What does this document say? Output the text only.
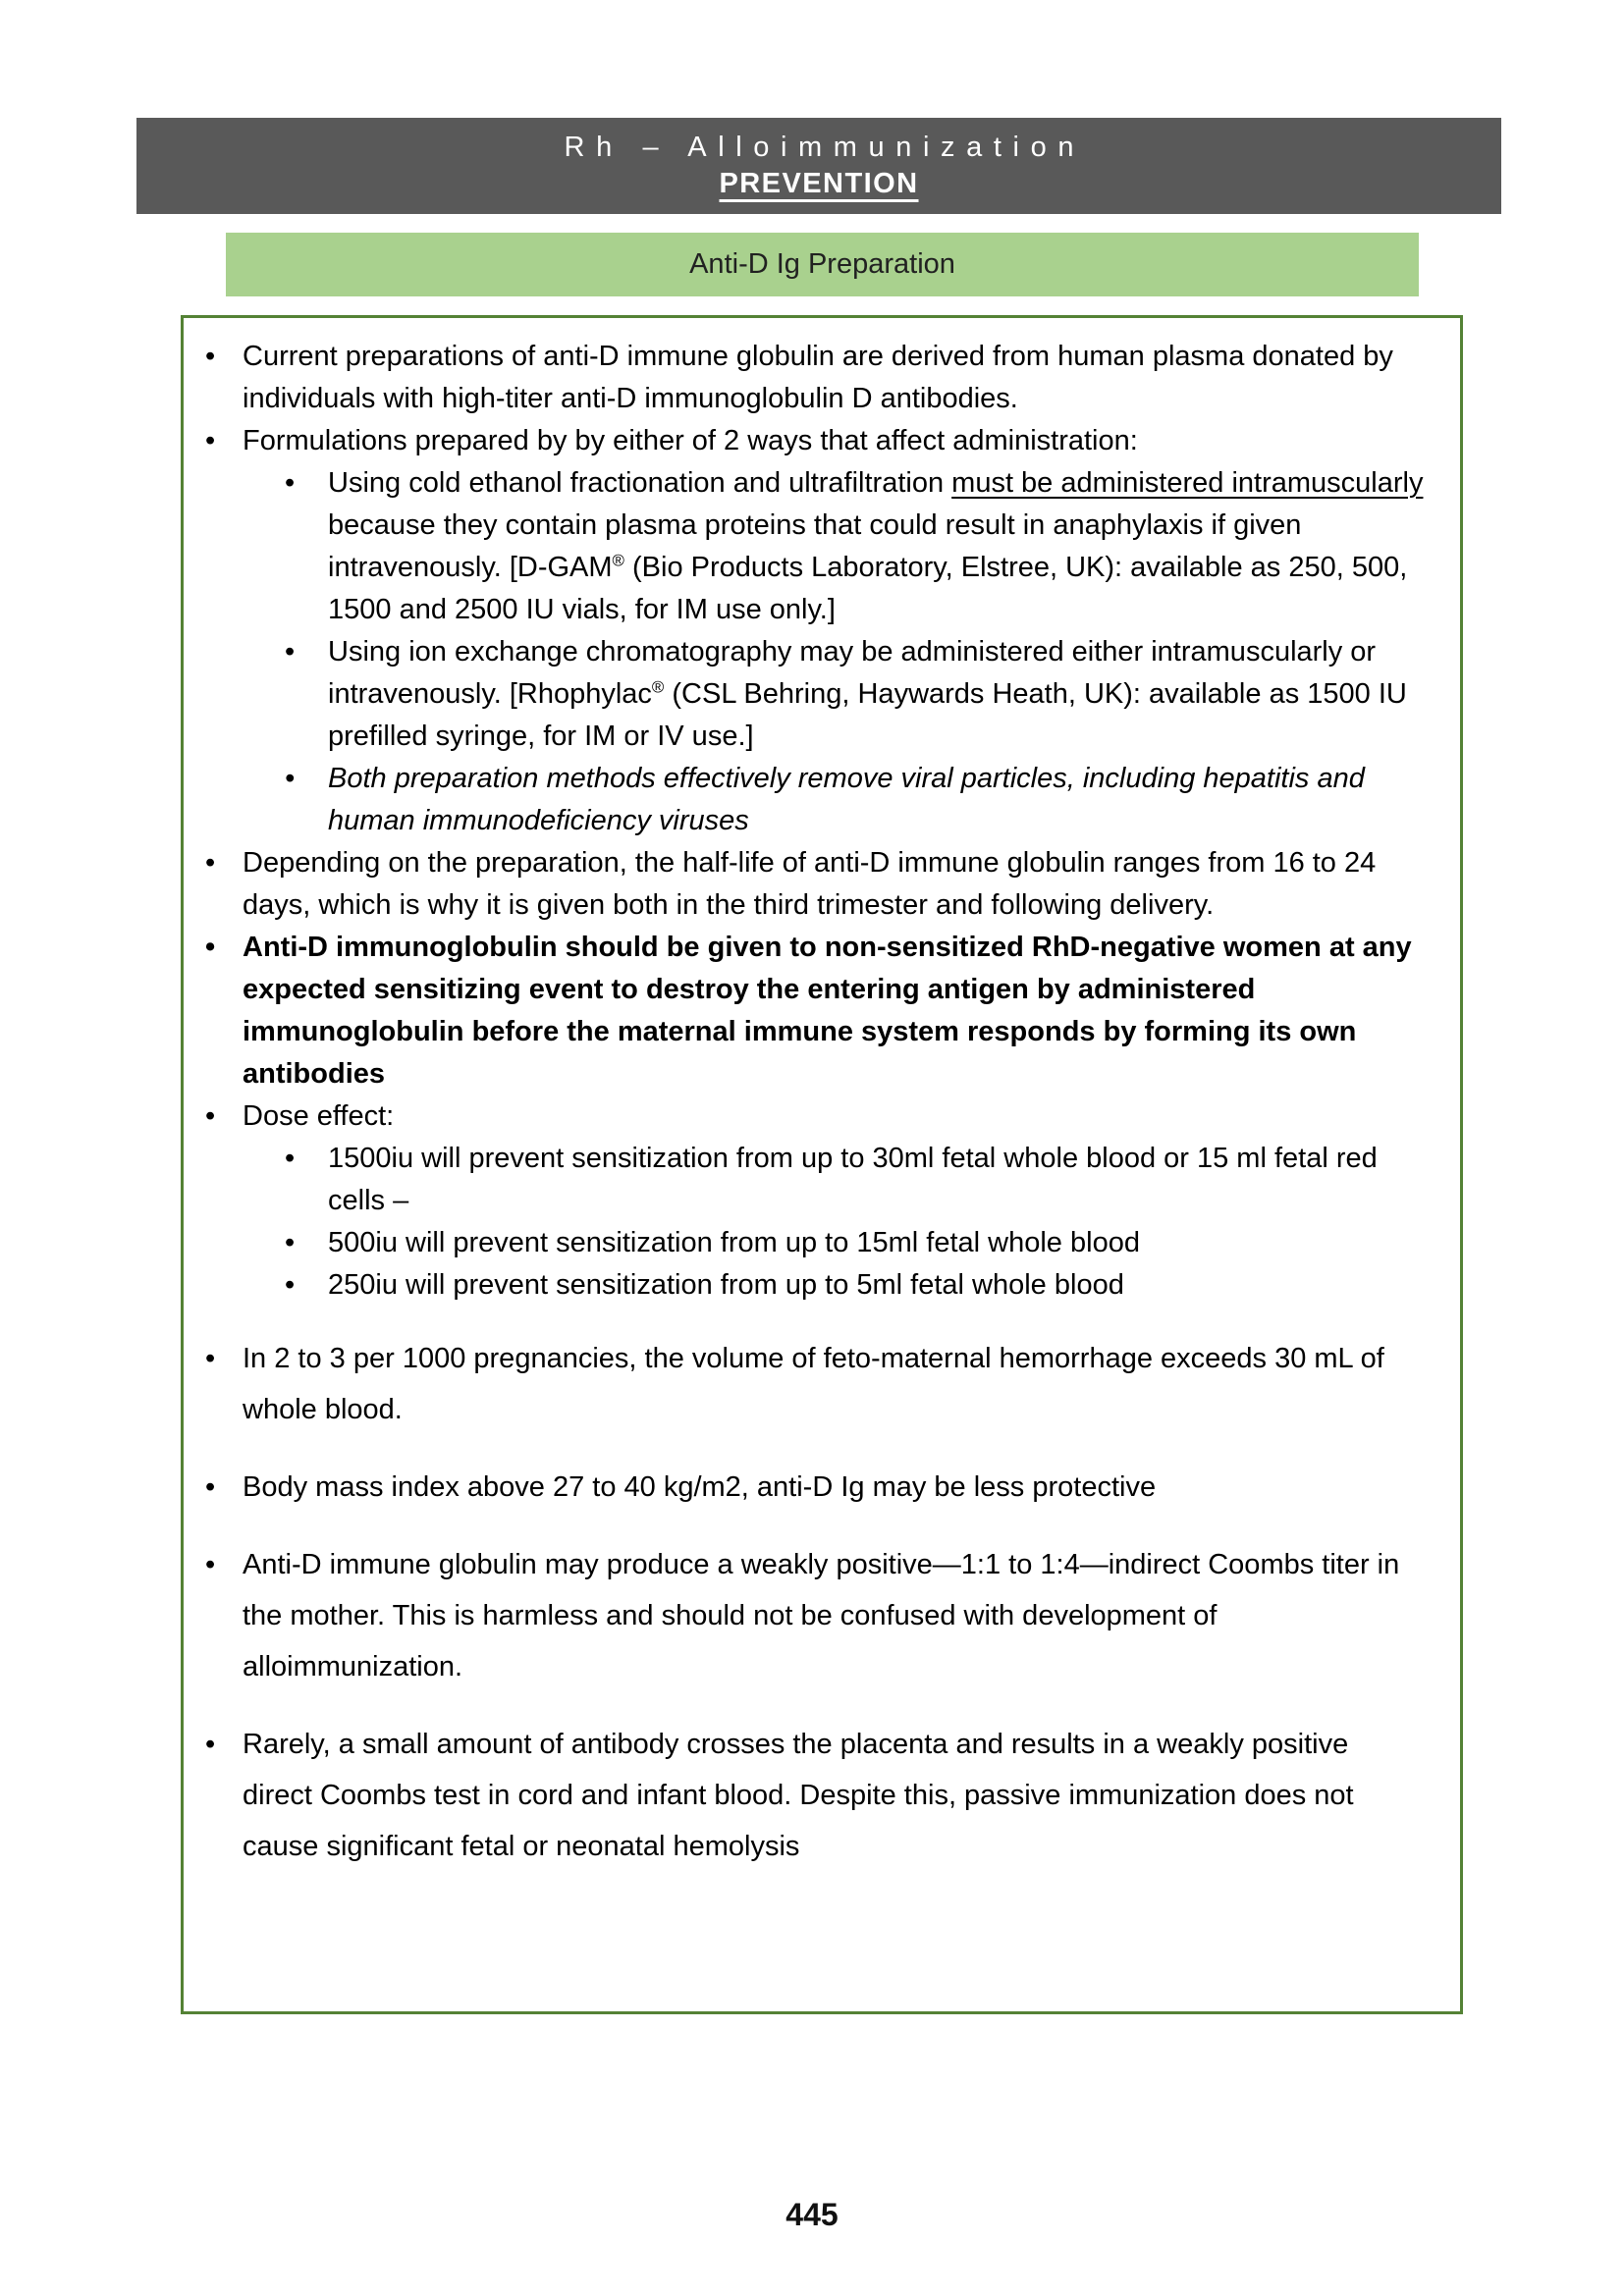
Rh – Alloimmunization
PREVENTION
Anti-D Ig Preparation
• Current preparations of anti-D immune globulin are derived from human plasma donated by individuals with high-titer anti-D immunoglobulin D antibodies.
• Formulations prepared by by either of 2 ways that affect administration:
•	Using cold ethanol fractionation and ultrafiltration must be administered intramuscularly because they contain plasma proteins that could result in anaphylaxis if given intravenously. [D-GAM® (Bio Products Laboratory, Elstree, UK): available as 250, 500, 1500 and 2500 IU vials, for IM use only.]
•	Using ion exchange chromatography may be administered either intramuscularly or intravenously. [Rhophylac® (CSL Behring, Haywards Heath, UK): available as 1500 IU prefilled syringe, for IM or IV use.]
•	Both preparation methods effectively remove viral particles, including hepatitis and human immunodeficiency viruses
• Depending on the preparation, the half-life of anti-D immune globulin ranges from 16 to 24 days, which is why it is given both in the third trimester and following delivery.
• Anti-D immunoglobulin should be given to non-sensitized RhD-negative women at any expected sensitizing event to destroy the entering antigen by administered immunoglobulin before the maternal immune system responds by forming its own antibodies
• Dose effect:
•	1500iu will prevent sensitization from up to 30ml fetal whole blood or 15 ml fetal red cells –
•	500iu will prevent sensitization from up to 15ml fetal whole blood
•	250iu will prevent sensitization from up to 5ml fetal whole blood
• In 2 to 3 per 1000 pregnancies, the volume of feto-maternal hemorrhage exceeds 30 mL of whole blood.
• Body mass index above 27 to 40 kg/m2, anti-D Ig may be less protective
• Anti-D immune globulin may produce a weakly positive—1:1 to 1:4—indirect Coombs titer in the mother. This is harmless and should not be confused with development of alloimmunization.
• Rarely, a small amount of antibody crosses the placenta and results in a weakly positive direct Coombs test in cord and infant blood. Despite this, passive immunization does not cause significant fetal or neonatal hemolysis
445
